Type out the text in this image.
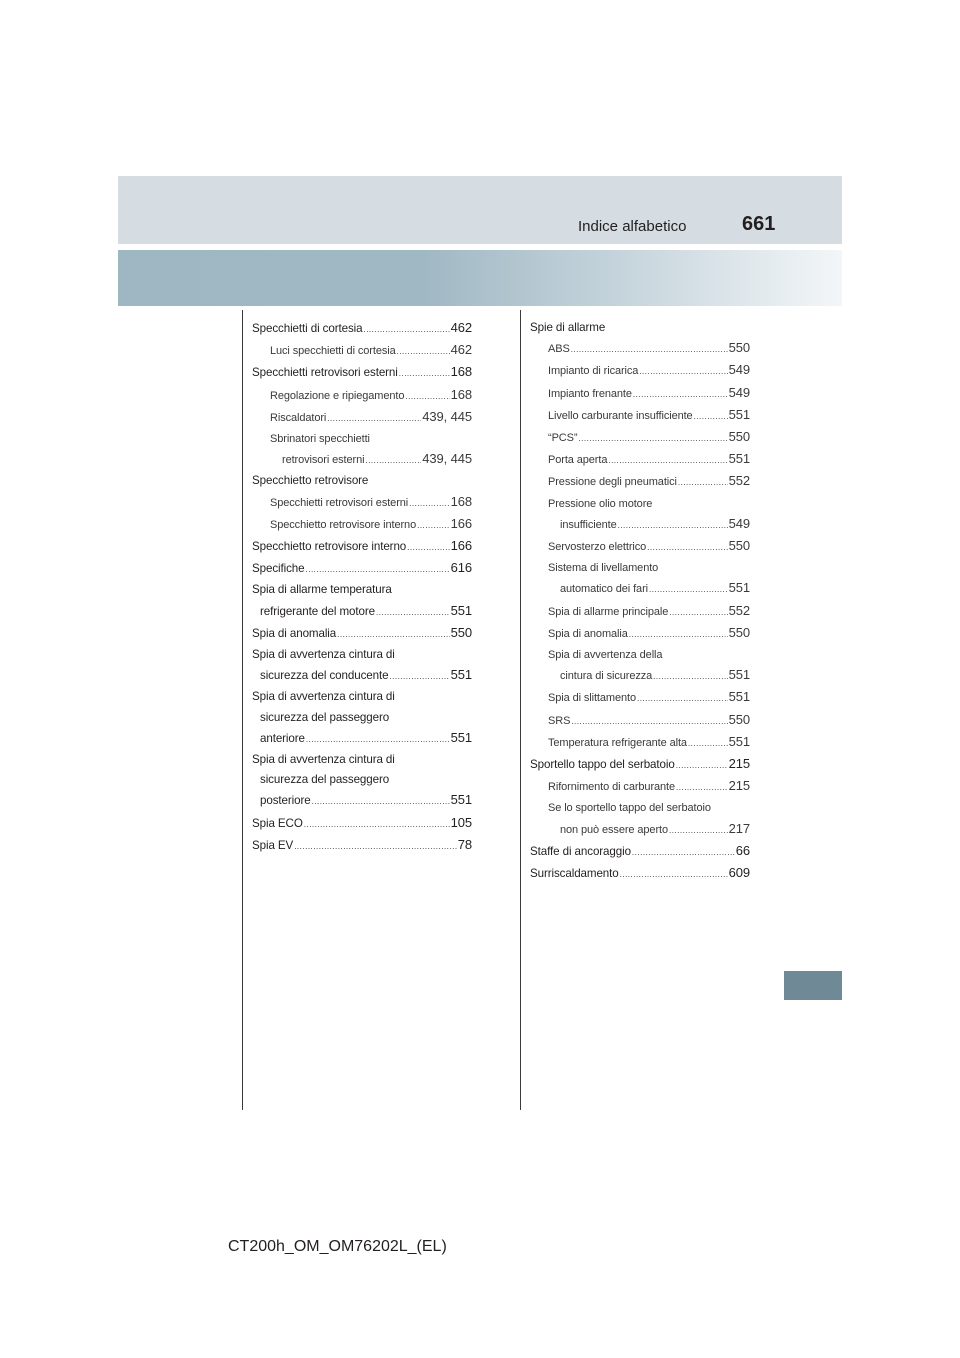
Indice alfabetico	661
Specchietti di cortesia .....	462
Luci specchietti di cortesia .....	462
Specchietti retrovisori esterni .....	168
Regolazione e ripiegamento .....	168
Riscaldatori .....	439, 445
Sbrinatori specchietti
retrovisori esterni .....	439, 445
Specchietto retrovisore
Specchietti retrovisori esterni .....	168
Specchietto retrovisore interno .....	166
Specchietto retrovisore interno .....	166
Specifiche .....	616
Spia di allarme temperatura
refrigerante del motore .....	551
Spia di anomalia .....	550
Spia di avvertenza cintura di
sicurezza del conducente .....	551
Spia di avvertenza cintura di
sicurezza del passeggero
anteriore .....	551
Spia di avvertenza cintura di
sicurezza del passeggero
posteriore .....	551
Spia ECO .....	105
Spia EV .....	78
Spie di allarme
ABS .....	550
Impianto di ricarica .....	549
Impianto frenante .....	549
Livello carburante insufficiente .....	551
“PCS” .....	550
Porta aperta .....	551
Pressione degli pneumatici .....	552
Pressione olio motore
insufficiente .....	549
Servosterzo elettrico .....	550
Sistema di livellamento
automatico dei fari .....	551
Spia di allarme principale .....	552
Spia di anomalia .....	550
Spia di avvertenza della
cintura di sicurezza .....	551
Spia di slittamento .....	551
SRS .....	550
Temperatura refrigerante alta .....	551
Sportello tappo del serbatoio .....	215
Rifornimento di carburante .....	215
Se lo sportello tappo del serbatoio
non può essere aperto .....	217
Staffe di ancoraggio .....	66
Surriscaldamento .....	609
CT200h_OM_OM76202L_(EL)
